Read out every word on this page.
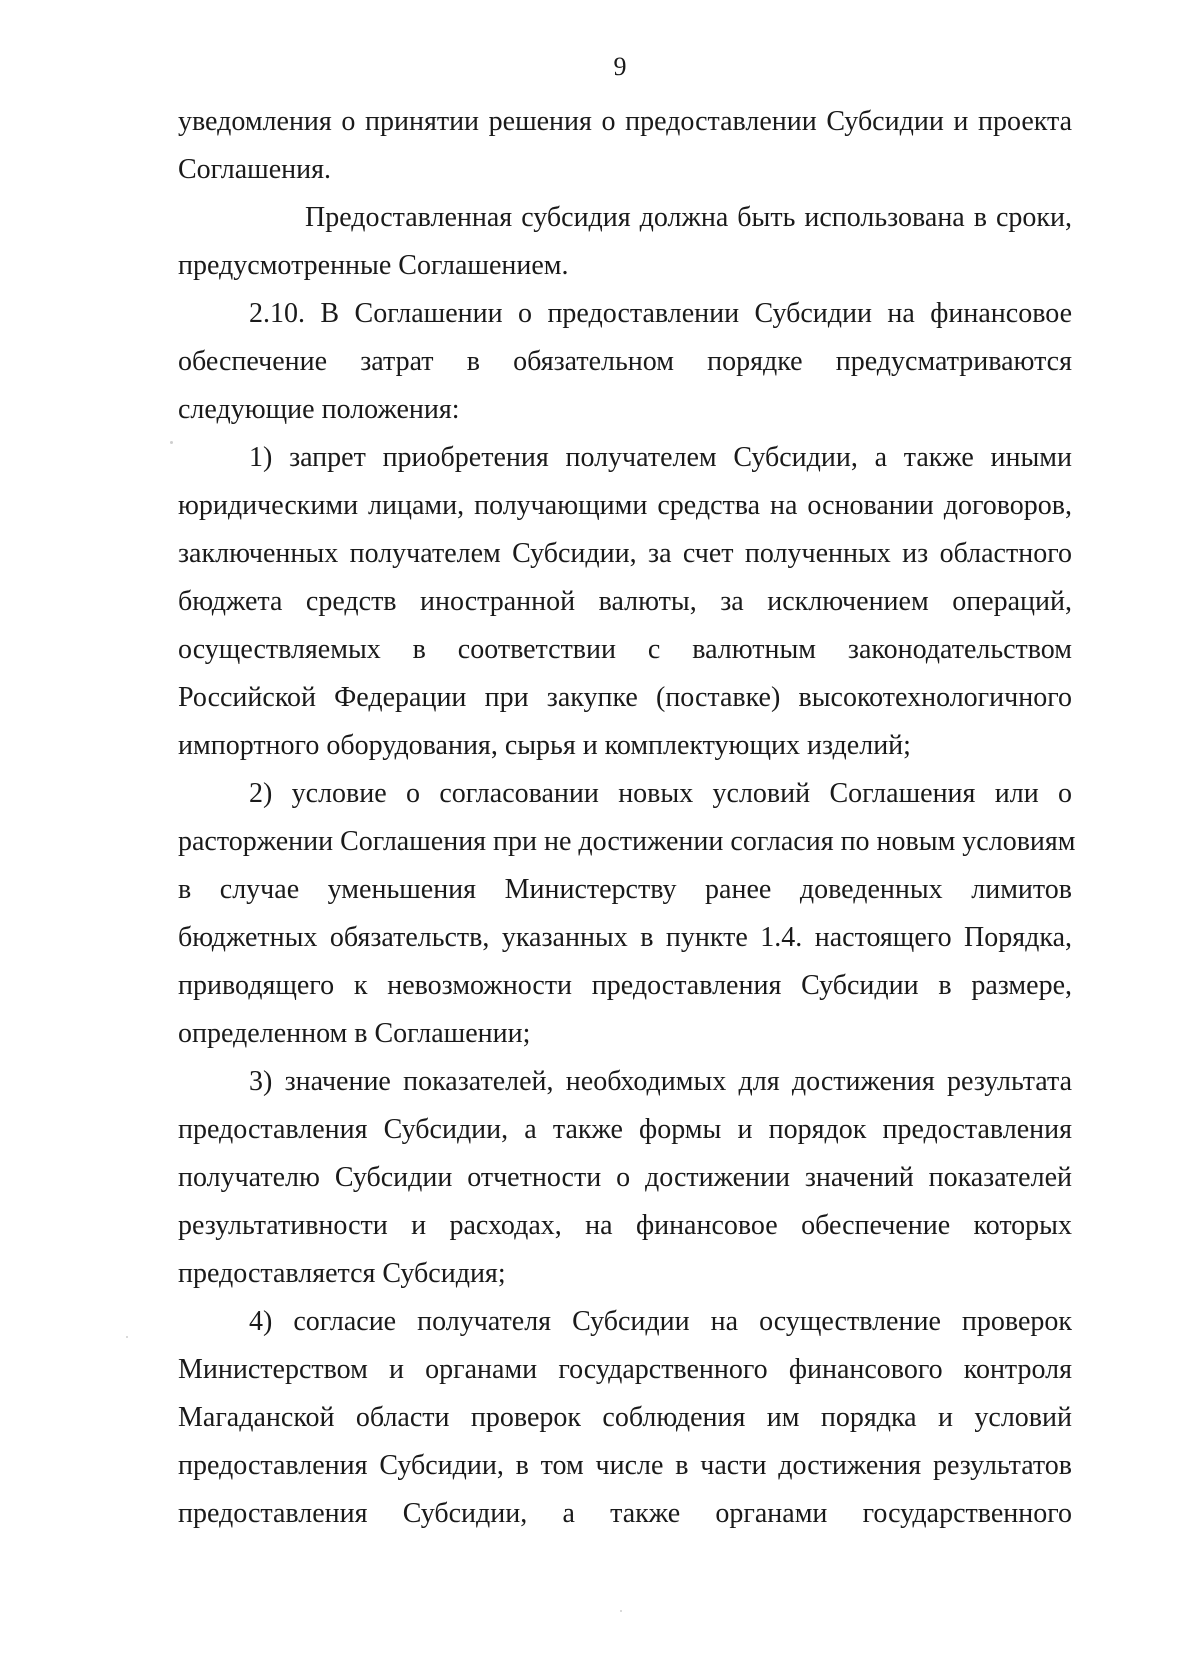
9
уведомления о принятии решения о предоставлении Субсидии и проекта
Соглашения.
Предоставленная субсидия должна быть использована в сроки,
предусмотренные Соглашением.
2.10. В Соглашении о предоставлении Субсидии на финансовое
обеспечение затрат в обязательном порядке предусматриваются
следующие положения:
1) запрет приобретения получателем Субсидии, а также иными
юридическими лицами, получающими средства на основании договоров,
заключенных получателем Субсидии, за счет полученных из областного
бюджета средств иностранной валюты, за исключением операций,
осуществляемых в соответствии с валютным законодательством
Российской Федерации при закупке (поставке) высокотехнологичного
импортного оборудования, сырья и комплектующих изделий;
2) условие о согласовании новых условий Соглашения или о
расторжении Соглашения при не достижении согласия по новым условиям
в случае уменьшения Министерству ранее доведенных лимитов
бюджетных обязательств, указанных в пункте 1.4. настоящего Порядка,
приводящего к невозможности предоставления Субсидии в размере,
определенном в Соглашении;
3) значение показателей, необходимых для достижения результата
предоставления Субсидии, а также формы и порядок предоставления
получателю Субсидии отчетности о достижении значений показателей
результативности и расходах, на финансовое обеспечение которых
предоставляется Субсидия;
4) согласие получателя Субсидии на осуществление проверок
Министерством и органами государственного финансового контроля
Магаданской области проверок соблюдения им порядка и условий
предоставления Субсидии, в том числе в части достижения результатов
предоставления Субсидии, а также органами государственного
